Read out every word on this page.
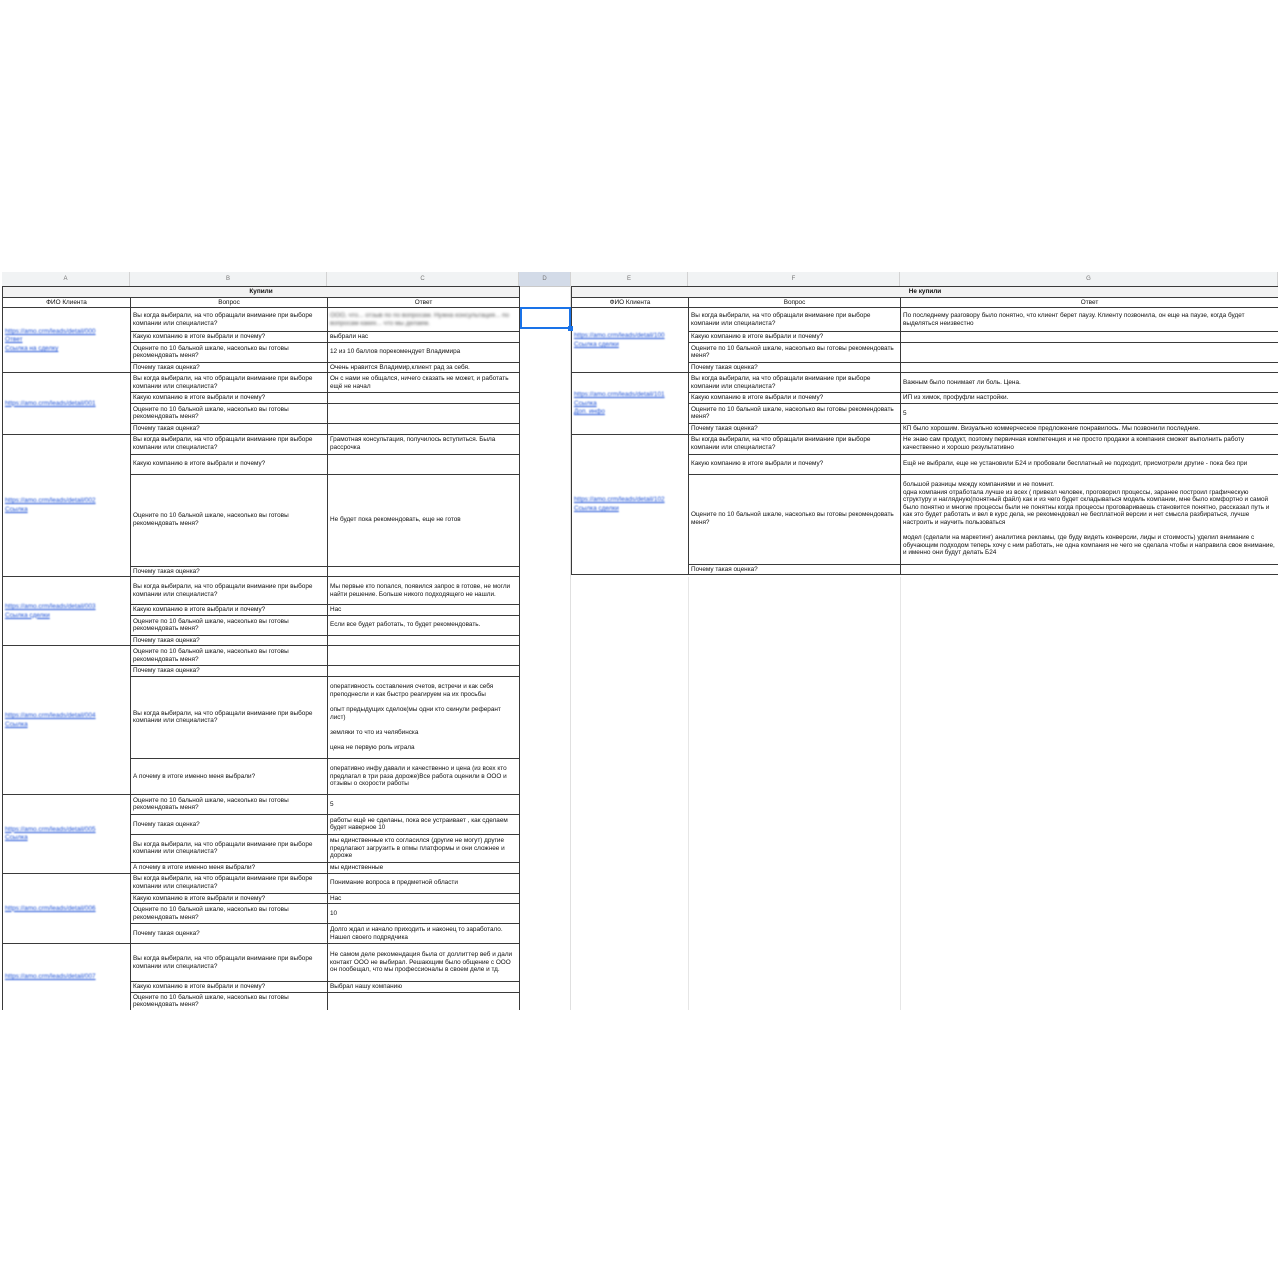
A	B	C	D	E	F	G
Купили		
ФИО Клиента	Вопрос	Ответ

https://amo.crm/leads/detail/000
Ответ
Ссылка на сделку	Вы когда выбирали, на что обращали внимание при выборе компании или специалиста?	ООО, что... отзыв по по вопросам. Нужна консультация... по вопросам каких... что мы делаем.
	Какую компанию в итоге выбрали и почему?	выбрали нас
	Оцените по 10 бальной шкале, насколько вы готовы рекомендовать меня?	12 из 10 баллов порекомендует Владимира
	Почему такая оценка?	Очень нравится Владимир,клиент рад за себя.

https://amo.crm/leads/detail/001	Вы когда выбирали, на что обращали внимание при выборе компании или специалиста?	Он с нами не общался, ничего сказать не может, и работать ещё не начал
	Какую компанию в итоге выбрали и почему?	
	Оцените по 10 бальной шкале, насколько вы готовы рекомендовать меня?	
	Почему такая оценка?	

https://amo.crm/leads/detail/002
Ссылка	Вы когда выбирали, на что обращали внимание при выборе компании или специалиста?	Грамотная консультация, получилось вступиться. Была рассрочка
	Какую компанию в итоге выбрали и почему?	
	Оцените по 10 бальной шкале, насколько вы готовы рекомендовать меня?	Не будет пока рекомендовать, еще не готов
	Почему такая оценка?	

https://amo.crm/leads/detail/003
Ссылка сделки	Вы когда выбирали, на что обращали внимание при выборе компании или специалиста?	Мы первые кто попался, появился запрос в готове, не могли найти решение. Больше никого подходящего не нашли.
	Какую компанию в итоге выбрали и почему?	Нас
	Оцените по 10 бальной шкале, насколько вы готовы рекомендовать меня?	Если все будет работать, то будет рекомендовать.
	Почему такая оценка?	

https://amo.crm/leads/detail/004
Ссылка	Оцените по 10 бальной шкале, насколько вы готовы рекомендовать меня?	
	Почему такая оценка?	
	Вы когда выбирали, на что обращали внимание при выборе компании или специалиста?	оперативность составления счетов, встречи и как себя преподнесли и как быстро реагируем на их просьбы

опыт предыдущих сделок(мы одни кто скинули реферант лист)

земляки то что из челябинска

цена не первую роль играла
	А почему в итоге именно меня выбрали?	оперативно инфу давали и качественно и цена (из всех кто предлагал в три раза дороже)Все работа оценили в ООО и отзывы о скорости работы

https://amo.crm/leads/detail/005
Ссылка	Оцените по 10 бальной шкале, насколько вы готовы рекомендовать меня?	5
	Почему такая оценка?	работы ещё не сделаны, пока все устраивает , как сделаем будет наверное 10
	Вы когда выбирали, на что обращали внимание при выборе компании или специалиста?	мы единственные кто согласился (другие не могут) другие предлагают загрузить в опмы платформы и они сложнее и дороже
	А почему в итоге именно меня выбрали?	мы единственные

https://amo.crm/leads/detail/006	Вы когда выбирали, на что обращали внимание при выборе компании или специалиста?	Понимание вопроса в предметной области
	Какую компанию в итоге выбрали и почему?	Нас
	Оцените по 10 бальной шкале, насколько вы готовы рекомендовать меня?	10
	Почему такая оценка?	Долго ждал и начало приходить и наконец то заработало. Нашел своего подрядчика

https://amo.crm/leads/detail/007	Вы когда выбирали, на что обращали внимание при выборе компании или специалиста?	Не самом деле рекомендация была от доллиттер веб и дали контакт ООО не выбирал. Решающим было общение с ООО он пообещал, что мы профессионалы в своем деле и тд.
	Какую компанию в итоге выбрали и почему?	Выбрал нашу компанию
	Оцените по 10 бальной шкале, насколько вы готовы рекомендовать меня?	
Не купили		
ФИО Клиента	Вопрос	Ответ

https://amo.crm/leads/detail/100
Ссылка сделки	Вы когда выбирали, на что обращали внимание при выборе компании или специалиста?	По последнему разговору было понятно, что клиент берет паузу. Клиенту позвонила, он еще на паузе, когда будет выделяться неизвестно
	Какую компанию в итоге выбрали и почему?	
	Оцените по 10 бальной шкале, насколько вы готовы рекомендовать меня?	
	Почему такая оценка?	

https://amo.crm/leads/detail/101
Ссылка
Доп. инфо	Вы когда выбирали, на что обращали внимание при выборе компании или специалиста?	Важным было понимает ли боль. Цена.
	Какую компанию в итоге выбрали и почему?	ИП из химок, профуфли настройки.
	Оцените по 10 бальной шкале, насколько вы готовы рекомендовать меня?	5
	Почему такая оценка?	КП было хорошим. Визуально коммерческое предложение понравилось. Мы позвонили последние.

https://amo.crm/leads/detail/102
Ссылка сделки	Вы когда выбирали, на что обращали внимание при выборе компании или специалиста?	Не знаю сам продукт, поэтому первичная компетенция и не просто продажи а компания сможет выполнить работу качественно и хорошо результативно
	Какую компанию в итоге выбрали и почему?	Ещё не выбрали, еще не установили Б24 и пробовали бесплатный не подходит, присмотрели другие - пока без при
	Оцените по 10 бальной шкале, насколько вы готовы рекомендовать меня?	большой разницы между компаниями и не помнит.
одна компания отработала лучше из всех ( привезл человек, проговорил процессы, заранее построил графическую структуру и наглядную(понятный файл) как и из чего будет складываться модель компании, мне было комфортно и самой было понятно и многие процессы были не понятны когда процессы проговариваешь становится понятно, рассказал путь и как это будет работать и вел в курс дела, не рекомендовал не бесплатной версии и нет смысла разбираться, лучше настроить и научить пользоваться

модел (сделали на маркетинг) аналитика рекламы, где буду видеть конверсии, лиды и стоимость) уделил внимание с обучающим подходом теперь хочу с ним работать, не одна компания не чего не сделала чтобы и направила свое внимание, и именно они будут делать Б24
	Почему такая оценка?	
